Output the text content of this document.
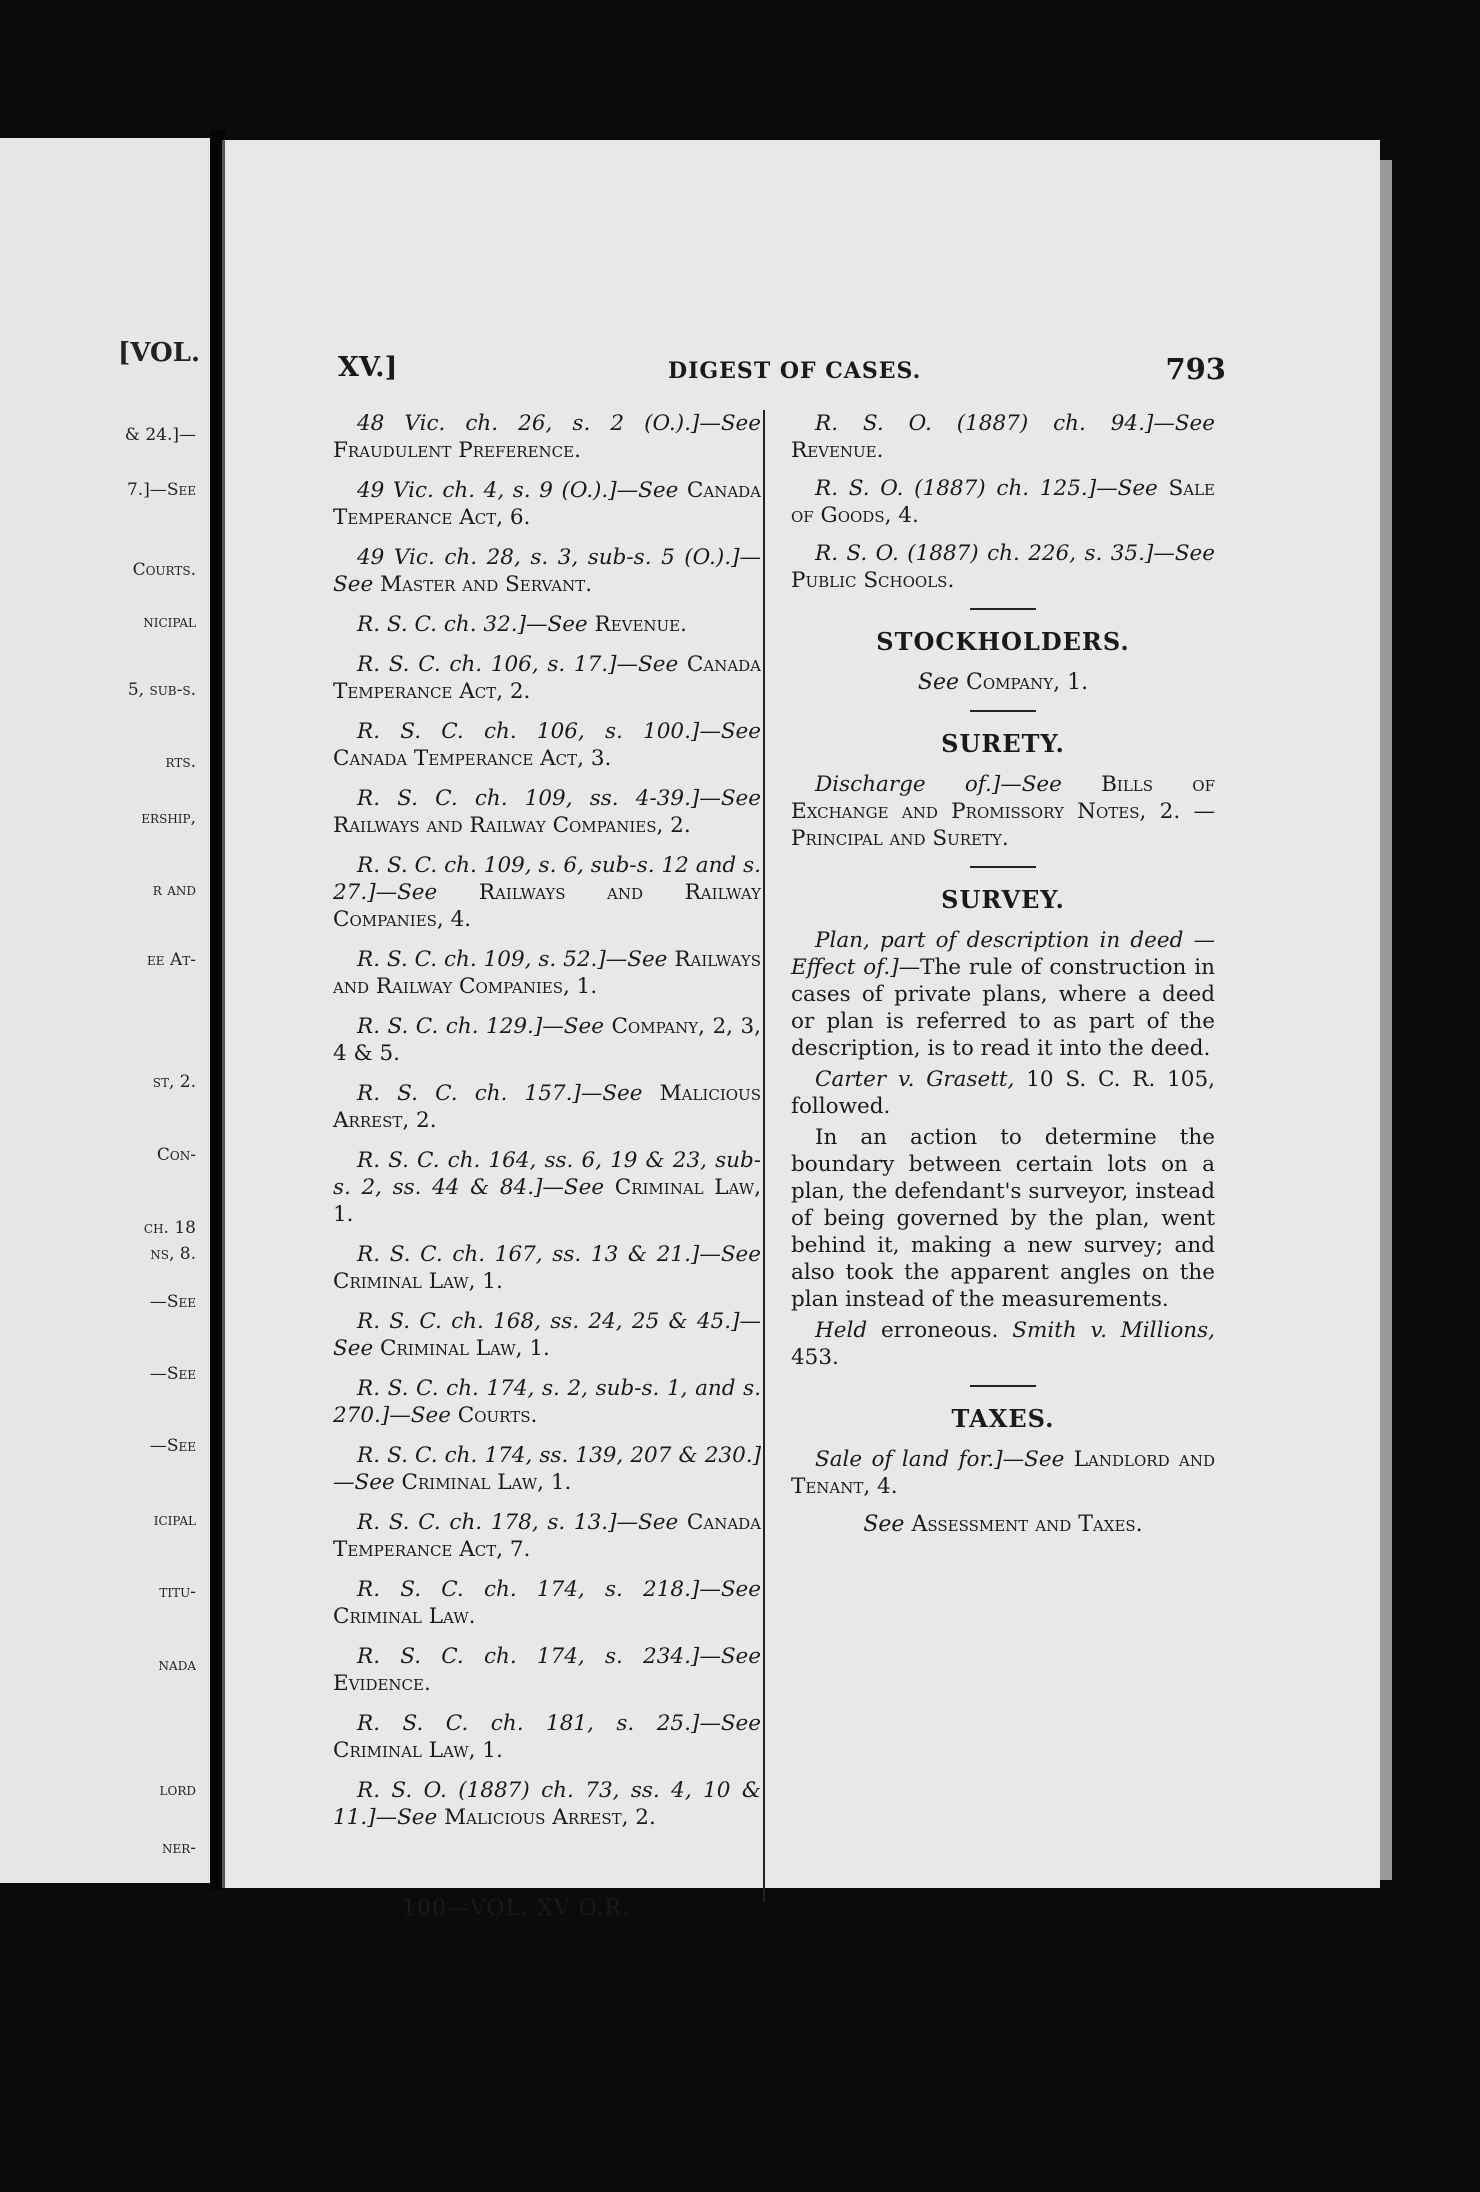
[VOL.
& 24.]—
7.]—See
Courts.
nicipal
5, sub-s.
rts.
ership,
r and
ee At-
st, 2.
Con-
ch. 18
ns, 8.
—See
—See
—See
icipal
titu-
nada
lord
ner-
XV.]	DIGEST OF CASES.	793
48 Vic. ch. 26, s. 2 (O.).]—See Fraudulent Preference.
49 Vic. ch. 4, s. 9 (O.).]—See Canada Temperance Act, 6.
49 Vic. ch. 28, s. 3, sub-s. 5 (O.).]—See Master and Servant.
R. S. C. ch. 32.]—See Revenue.
R. S. C. ch. 106, s. 17.]—See Canada Temperance Act, 2.
R. S. C. ch. 106, s. 100.]—See Canada Temperance Act, 3.
R. S. C. ch. 109, ss. 4-39.]—See Railways and Railway Companies, 2.
R. S. C. ch. 109, s. 6, sub-s. 12 and s. 27.]—See Railways and Railway Companies, 4.
R. S. C. ch. 109, s. 52.]—See Railways and Railway Companies, 1.
R. S. C. ch. 129.]—See Company, 2, 3, 4 & 5.
R. S. C. ch. 157.]—See Malicious Arrest, 2.
R. S. C. ch. 164, ss. 6, 19 & 23, sub-s. 2, ss. 44 & 84.]—See Criminal Law, 1.
R. S. C. ch. 167, ss. 13 & 21.]—See Criminal Law, 1.
R. S. C. ch. 168, ss. 24, 25 & 45.]—See Criminal Law, 1.
R. S. C. ch. 174, s. 2, sub-s. 1, and s. 270.]—See Courts.
R. S. C. ch. 174, ss. 139, 207 & 230.]—See Criminal Law, 1.
R. S. C. ch. 178, s. 13.]—See Canada Temperance Act, 7.
R. S. C. ch. 174, s. 218.]—See Criminal Law.
R. S. C. ch. 174, s. 234.]—See Evidence.
R. S. C. ch. 181, s. 25.]—See Criminal Law, 1.
R. S. O. (1887) ch. 73, ss. 4, 10 & 11.]—See Malicious Arrest, 2.
R. S. O. (1887) ch. 94.]—See Revenue.
R. S. O. (1887) ch. 125.]—See Sale of Goods, 4.
R. S. O. (1887) ch. 226, s. 35.]—See Public Schools.
STOCKHOLDERS.
See Company, 1.
SURETY.
Discharge of.]—See Bills of Exchange and Promissory Notes, 2. —Principal and Surety.
SURVEY.
Plan, part of description in deed —Effect of.]—The rule of construction in cases of private plans, where a deed or plan is referred to as part of the description, is to read it into the deed.
Carter v. Grasett, 10 S. C. R. 105, followed.
In an action to determine the boundary between certain lots on a plan, the defendant's surveyor, instead of being governed by the plan, went behind it, making a new survey; and also took the apparent angles on the plan instead of the measurements.
Held erroneous. Smith v. Millions, 453.
TAXES.
Sale of land for.]—See Landlord and Tenant, 4.
See Assessment and Taxes.
100—VOL. XV O.R.
